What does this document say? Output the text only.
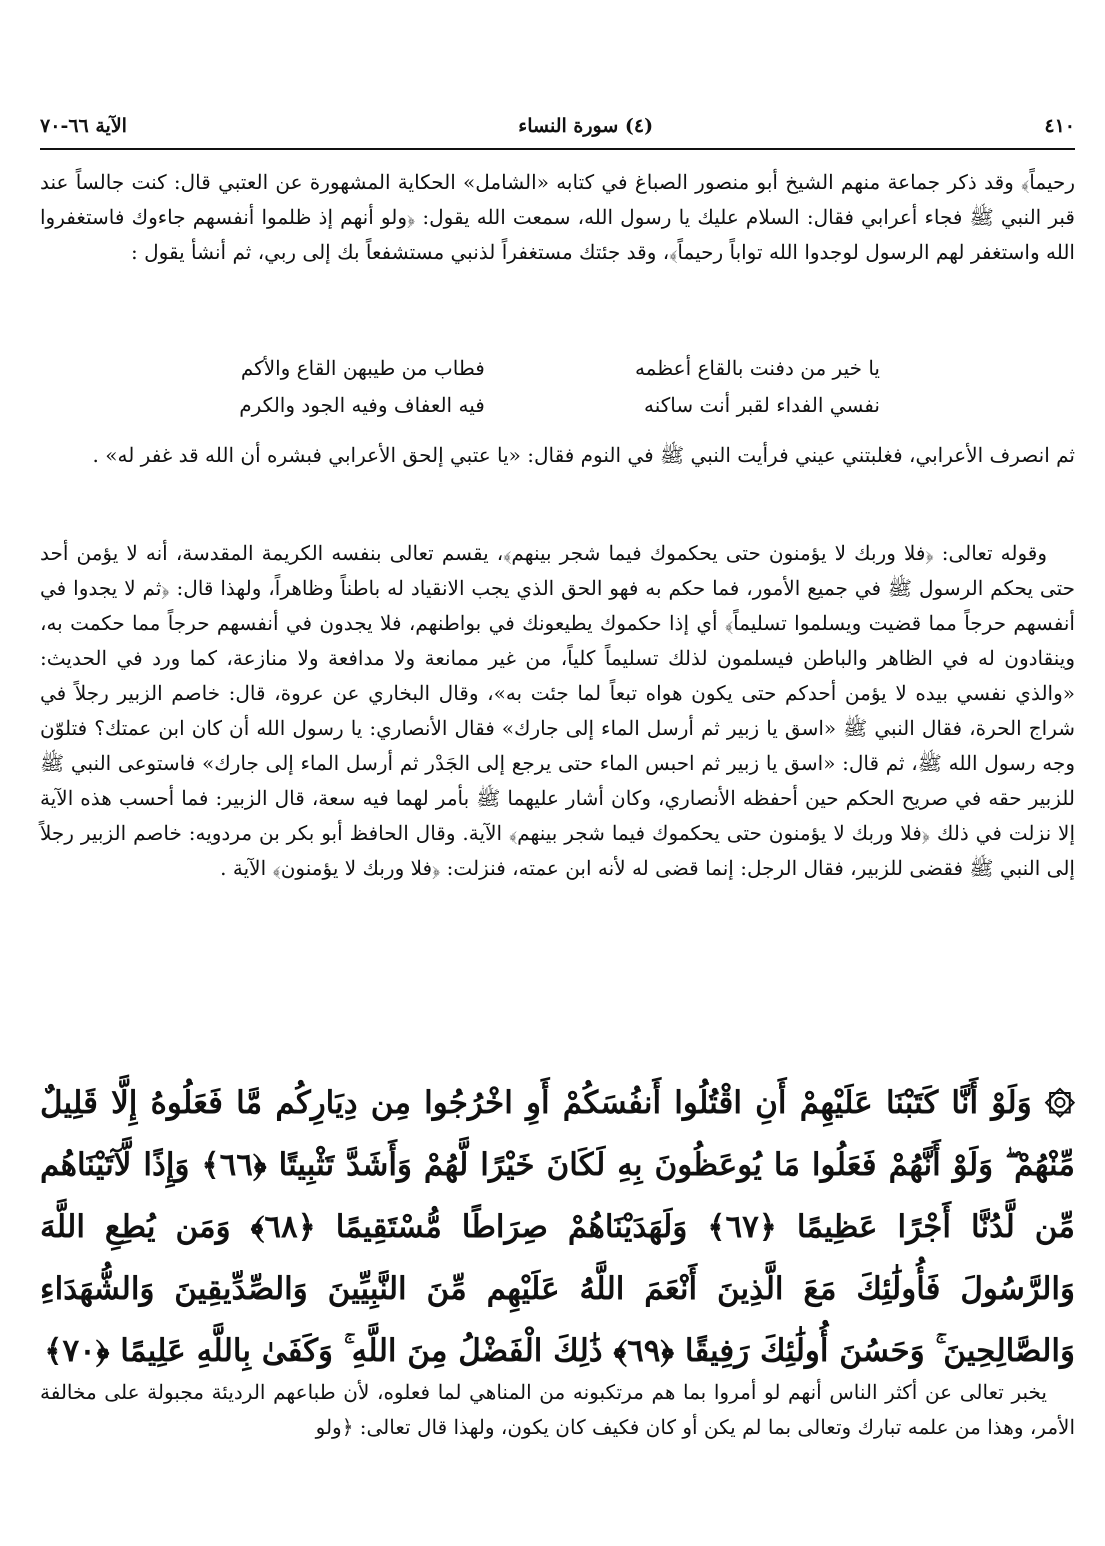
٤١٠
(٤) سورة النساء
الآية ٦٦-٧٠

رحيماً﴾ وقد ذكر جماعة منهم الشيخ أبو منصور الصباغ في كتابه «الشامل» الحكاية المشهورة عن العتبي قال: كنت جالساً عند قبر النبي ﷺ فجاء أعرابي فقال: السلام عليك يا رسول الله، سمعت الله يقول: ﴿ولو أنهم إذ ظلموا أنفسهم جاءوك فاستغفروا الله واستغفر لهم الرسول لوجدوا الله تواباً رحيماً﴾، وقد جئتك مستغفراً لذنبي مستشفعاً بك إلى ربي، ثم أنشأ يقول :

يا خير من دفنت بالقاع أعظمه
فطاب من طيبهن القاع والأكم
نفسي الفداء لقبر أنت ساكنه
فيه العفاف وفيه الجود والكرم

ثم انصرف الأعرابي، فغلبتني عيني فرأيت النبي ﷺ في النوم فقال: «يا عتبي إلحق الأعرابي فبشره أن الله قد غفر له» .

وقوله تعالى: ﴿فلا وربك لا يؤمنون حتى يحكموك فيما شجر بينهم﴾، يقسم تعالى بنفسه الكريمة المقدسة، أنه لا يؤمن أحد حتى يحكم الرسول ﷺ في جميع الأمور، فما حكم به فهو الحق الذي يجب الانقياد له باطناً وظاهراً، ولهذا قال: ﴿ثم لا يجدوا في أنفسهم حرجاً مما قضيت ويسلموا تسليماً﴾ أي إذا حكموك يطيعونك في بواطنهم، فلا يجدون في أنفسهم حرجاً مما حكمت به، وينقادون له في الظاهر والباطن فيسلمون لذلك تسليماً كلياً، من غير ممانعة ولا مدافعة ولا منازعة، كما ورد في الحديث: «والذي نفسي بيده لا يؤمن أحدكم حتى يكون هواه تبعاً لما جئت به»، وقال البخاري عن عروة، قال: خاصم الزبير رجلاً في شراج الحرة، فقال النبي ﷺ «اسق يا زبير ثم أرسل الماء إلى جارك» فقال الأنصاري: يا رسول الله أن كان ابن عمتك؟ فتلوّن وجه رسول الله ﷺ، ثم قال: «اسق يا زبير ثم احبس الماء حتى يرجع إلى الجَدْر ثم أرسل الماء إلى جارك» فاستوعى النبي ﷺ للزبير حقه في صريح الحكم حين أحفظه الأنصاري، وكان أشار عليهما ﷺ بأمر لهما فيه سعة، قال الزبير: فما أحسب هذه الآية إلا نزلت في ذلك ﴿فلا وربك لا يؤمنون حتى يحكموك فيما شجر بينهم﴾ الآية. وقال الحافظ أبو بكر بن مردويه: خاصم الزبير رجلاً إلى النبي ﷺ فقضى للزبير، فقال الرجل: إنما قضى له لأنه ابن عمته، فنزلت: ﴿فلا وربك لا يؤمنون﴾ الآية .

۞ وَلَوْ أَنَّا كَتَبْنَا عَلَيْهِمْ أَنِ اقْتُلُوا أَنفُسَكُمْ أَوِ اخْرُجُوا مِن دِيَارِكُم مَّا فَعَلُوهُ إِلَّا قَلِيلٌ مِّنْهُمْ ۖ وَلَوْ أَنَّهُمْ فَعَلُوا مَا يُوعَظُونَ بِهِ لَكَانَ خَيْرًا لَّهُمْ وَأَشَدَّ تَثْبِيتًا ﴿٦٦﴾ وَإِذًا لَّآتَيْنَاهُم مِّن لَّدُنَّا أَجْرًا عَظِيمًا ﴿٦٧﴾ وَلَهَدَيْنَاهُمْ صِرَاطًا مُّسْتَقِيمًا ﴿٦٨﴾ وَمَن يُطِعِ اللَّهَ وَالرَّسُولَ فَأُولَٰئِكَ مَعَ الَّذِينَ أَنْعَمَ اللَّهُ عَلَيْهِم مِّنَ النَّبِيِّينَ وَالصِّدِّيقِينَ وَالشُّهَدَاءِ وَالصَّالِحِينَ ۚ وَحَسُنَ أُولَٰئِكَ رَفِيقًا ﴿٦٩﴾ ذَٰلِكَ الْفَضْلُ مِنَ اللَّهِ ۚ وَكَفَىٰ بِاللَّهِ عَلِيمًا ﴿٧٠﴾

يخبر تعالى عن أكثر الناس أنهم لو أمروا بما هم مرتكبونه من المناهي لما فعلوه، لأن طباعهم الرديئة مجبولة على مخالفة الأمر، وهذا من علمه تبارك وتعالى بما لم يكن أو كان فكيف كان يكون، ولهذا قال تعالى: ﴿ولو
